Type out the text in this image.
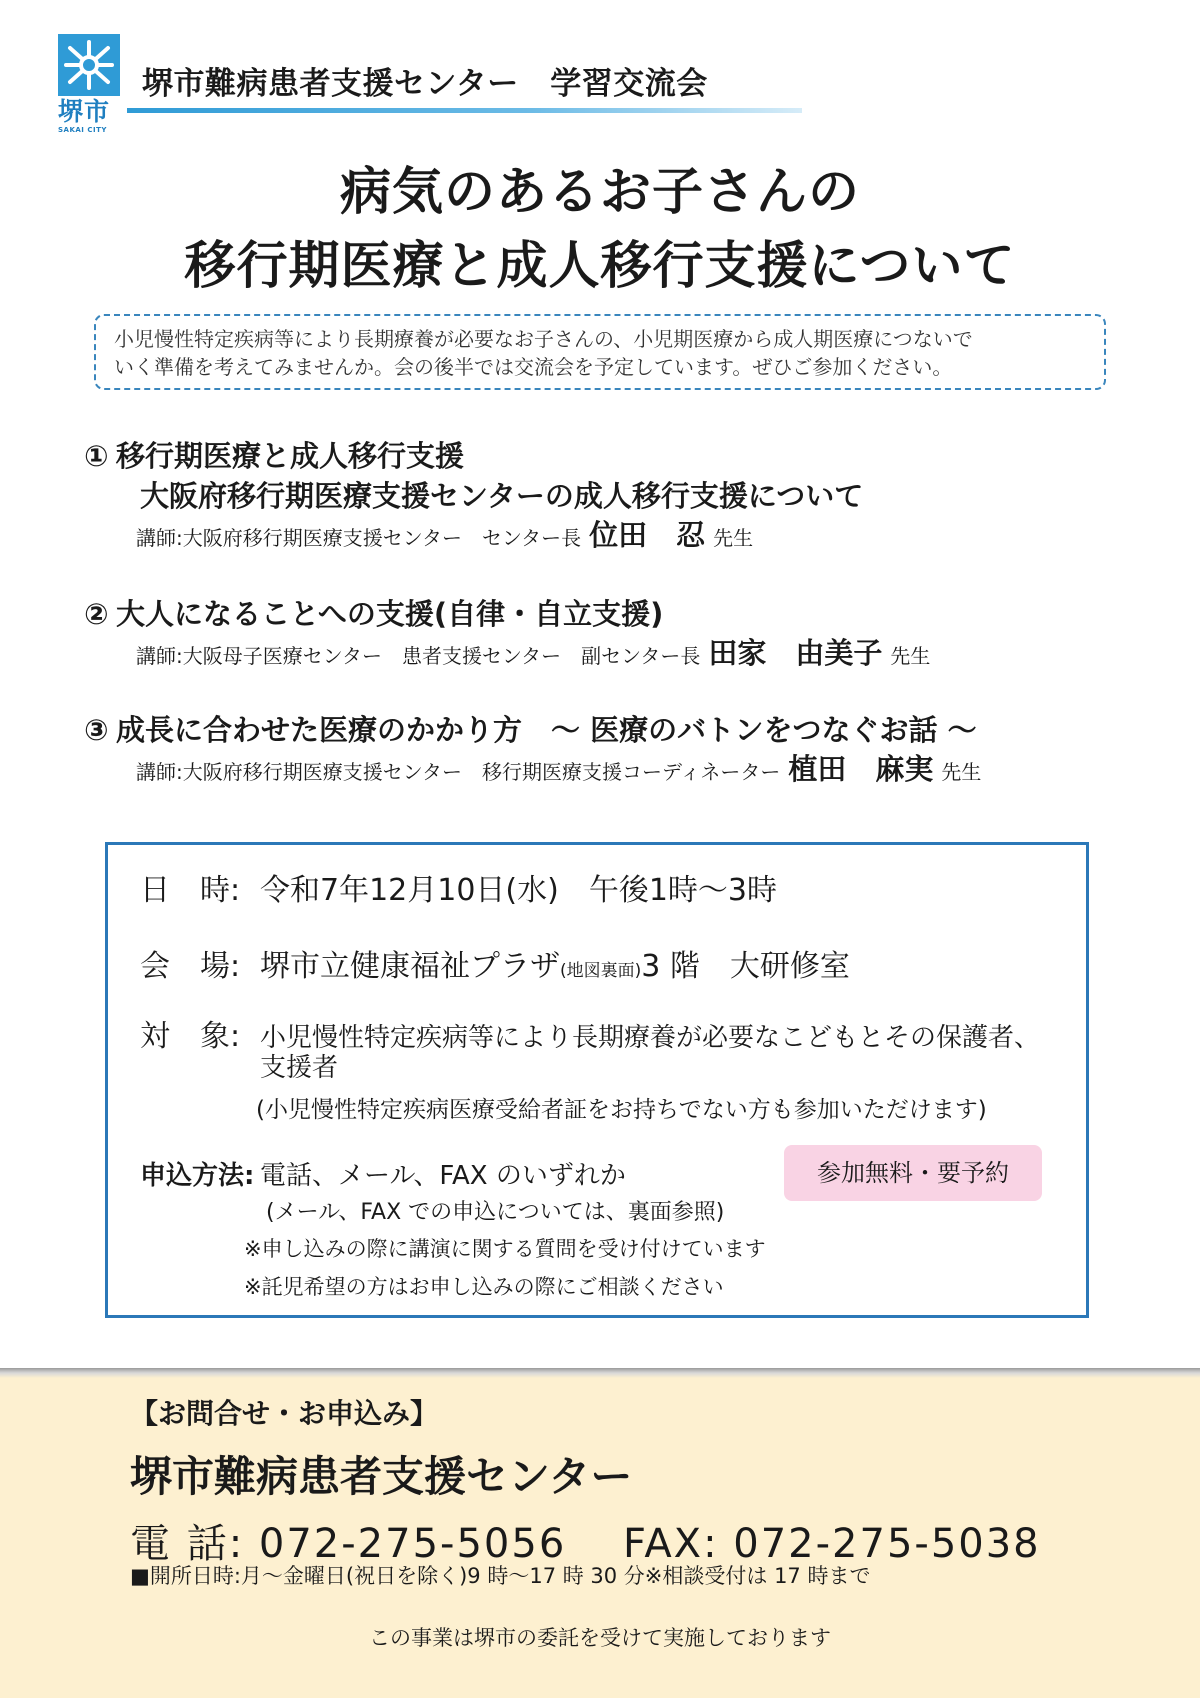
堺市
SAKAI CITY
堺市難病患者支援センター　学習交流会
病気のあるお子さんの
移行期医療と成人移行支援について
小児慢性特定疾病等により長期療養が必要なお子さんの、小児期医療から成人期医療につないで
いく準備を考えてみませんか。会の後半では交流会を予定しています。ぜひご参加ください。
① 移行期医療と成人移行支援
大阪府移行期医療支援センターの成人移行支援について
講師:大阪府移行期医療支援センター　センター長 位田　忍 先生
② 大人になることへの支援(自律・自立支援)
講師:大阪母子医療センター　患者支援センター　副センター長 田家　由美子 先生
③ 成長に合わせた医療のかかり方　～ 医療のバトンをつなぐお話 ～
講師:大阪府移行期医療支援センター　移行期医療支援コーディネーター 植田　麻実 先生
日　時: 令和7年12月10日(水)　午後1時～3時
会　場: 堺市立健康福祉プラザ(地図裏面)3 階　大研修室
対　象: 小児慢性特定疾病等により長期療養が必要なこどもとその保護者、
支援者
(小児慢性特定疾病医療受給者証をお持ちでない方も参加いただけます)
申込方法: 電話、メール、FAX のいずれか
(メール、FAX での申込については、裏面参照)
※申し込みの際に講演に関する質問を受け付けています
※託児希望の方はお申し込みの際にご相談ください
参加無料・要予約
【お問合せ・お申込み】
堺市難病患者支援センター
電 話: 072-275-5056　 FAX: 072-275-5038
■開所日時:月～金曜日(祝日を除く)9 時～17 時 30 分※相談受付は 17 時まで
この事業は堺市の委託を受けて実施しております
